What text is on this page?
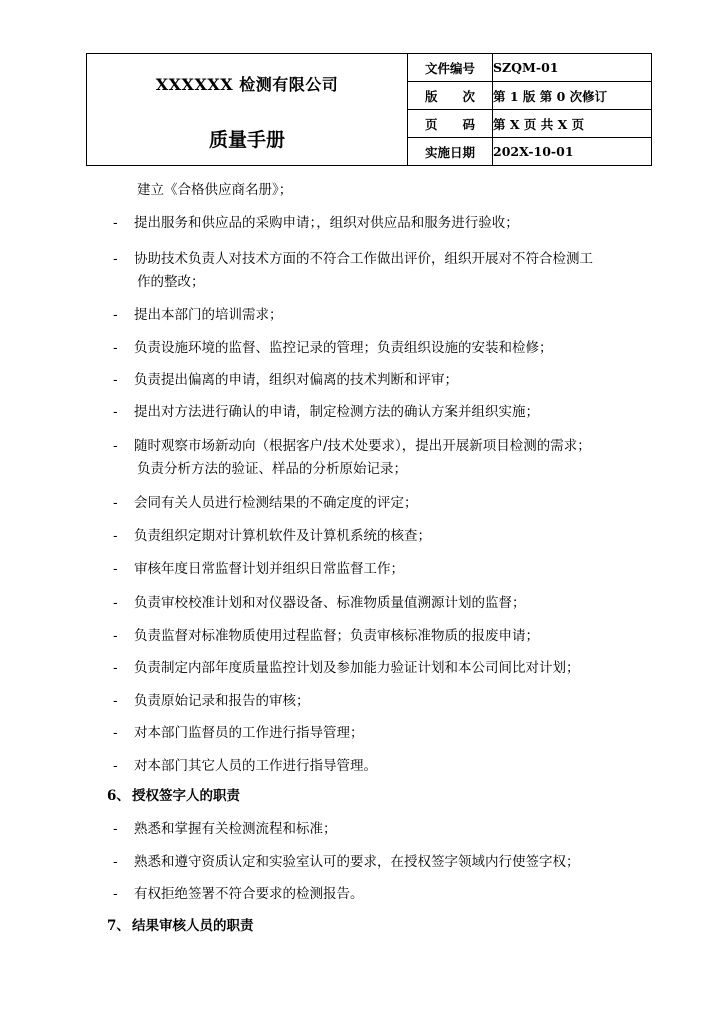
XXXXXX 检测有限公司
质量手册	文件编号	SZQM-01
	版　　次	第 1 版 第 0 次修订
	页　　码	第 X 页 共 X 页
	实施日期	202X-10-01
建立《合格供应商名册》；
- 提出服务和供应品的采购申请；，组织对供应品和服务进行验收；
- 协助技术负责人对技术方面的不符合工作做出评价，组织开展对不符合检测工
作的整改；
- 提出本部门的培训需求；
- 负责设施环境的监督、监控记录的管理；负责组织设施的安装和检修；
- 负责提出偏离的申请，组织对偏离的技术判断和评审；
- 提出对方法进行确认的申请，制定检测方法的确认方案并组织实施；
- 随时观察市场新动向（根据客户/技术处要求），提出开展新项目检测的需求；
负责分析方法的验证、样品的分析原始记录；
- 会同有关人员进行检测结果的不确定度的评定；
- 负责组织定期对计算机软件及计算机系统的核查；
- 审核年度日常监督计划并组织日常监督工作；
- 负责审校校准计划和对仪器设备、标准物质量值溯源计划的监督；
- 负责监督对标准物质使用过程监督；负责审核标准物质的报废申请；
- 负责制定内部年度质量监控计划及参加能力验证计划和本公司间比对计划；
- 负责原始记录和报告的审核；
- 对本部门监督员的工作进行指导管理；
- 对本部门其它人员的工作进行指导管理。
6、 授权签字人的职责
- 熟悉和掌握有关检测流程和标准；
- 熟悉和遵守资质认定和实验室认可的要求，在授权签字领域内行使签字权；
- 有权拒绝签署不符合要求的检测报告。
7、 结果审核人员的职责
